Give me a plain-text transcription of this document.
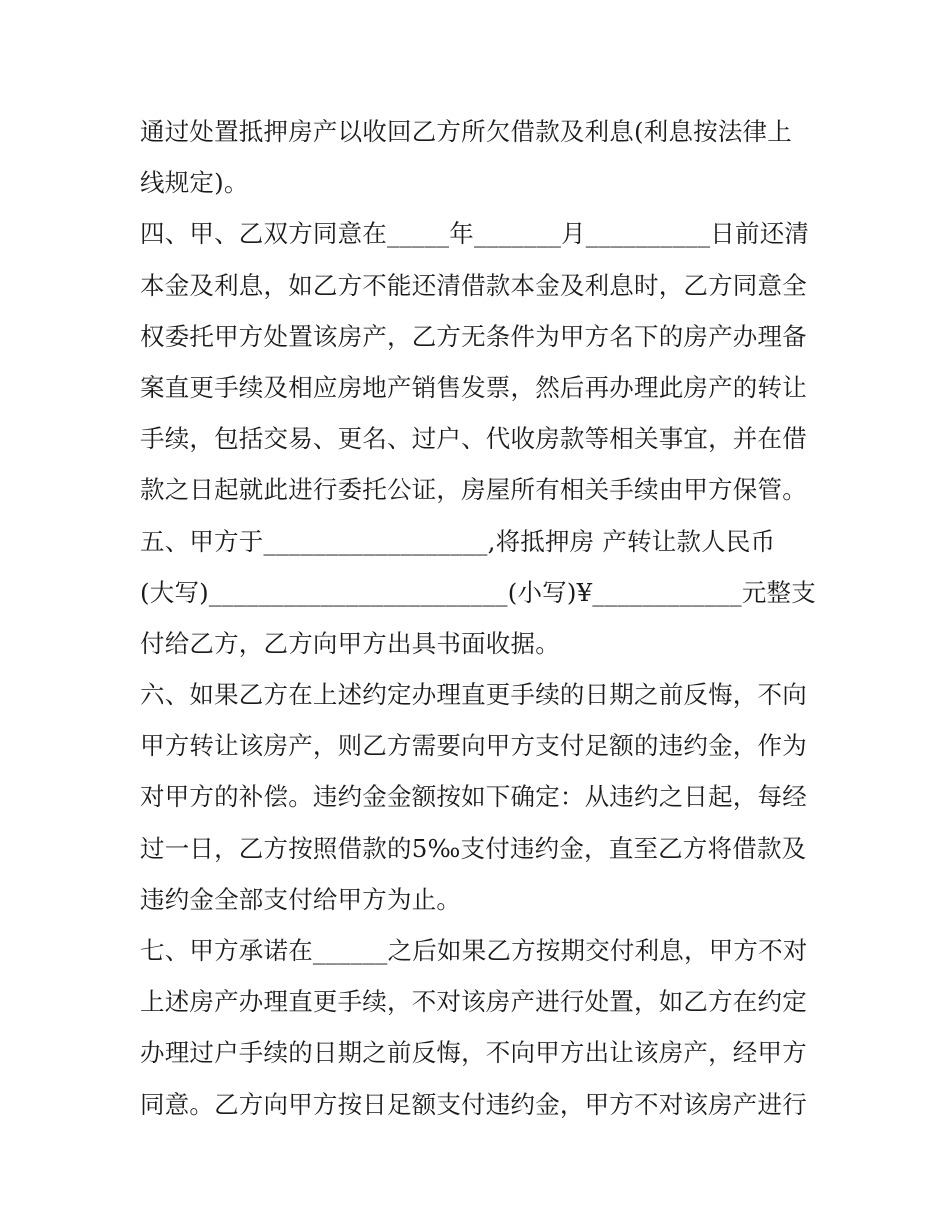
通过处置抵押房产以收回乙方所欠借款及利息(利息按法律上
线规定)。
四、甲、乙双方同意在_____年_______月__________日前还清
本金及利息，如乙方不能还清借款本金及利息时，乙方同意全
权委托甲方处置该房产，乙方无条件为甲方名下的房产办理备
案直更手续及相应房地产销售发票，然后再办理此房产的转让
手续，包括交易、更名、过户、代收房款等相关事宜，并在借
款之日起就此进行委托公证，房屋所有相关手续由甲方保管。
五、甲方于__________________,将抵押房 产转让款人民币
(大写)________________________(小写)¥____________元整支
付给乙方，乙方向甲方出具书面收据。
六、如果乙方在上述约定办理直更手续的日期之前反悔，不向
甲方转让该房产，则乙方需要向甲方支付足额的违约金，作为
对甲方的补偿。违约金金额按如下确定：从违约之日起，每经
过一日，乙方按照借款的5‰支付违约金，直至乙方将借款及
违约金全部支付给甲方为止。
七、甲方承诺在______之后如果乙方按期交付利息，甲方不对
上述房产办理直更手续，不对该房产进行处置，如乙方在约定
办理过户手续的日期之前反悔，不向甲方出让该房产，经甲方
同意。乙方向甲方按日足额支付违约金，甲方不对该房产进行
